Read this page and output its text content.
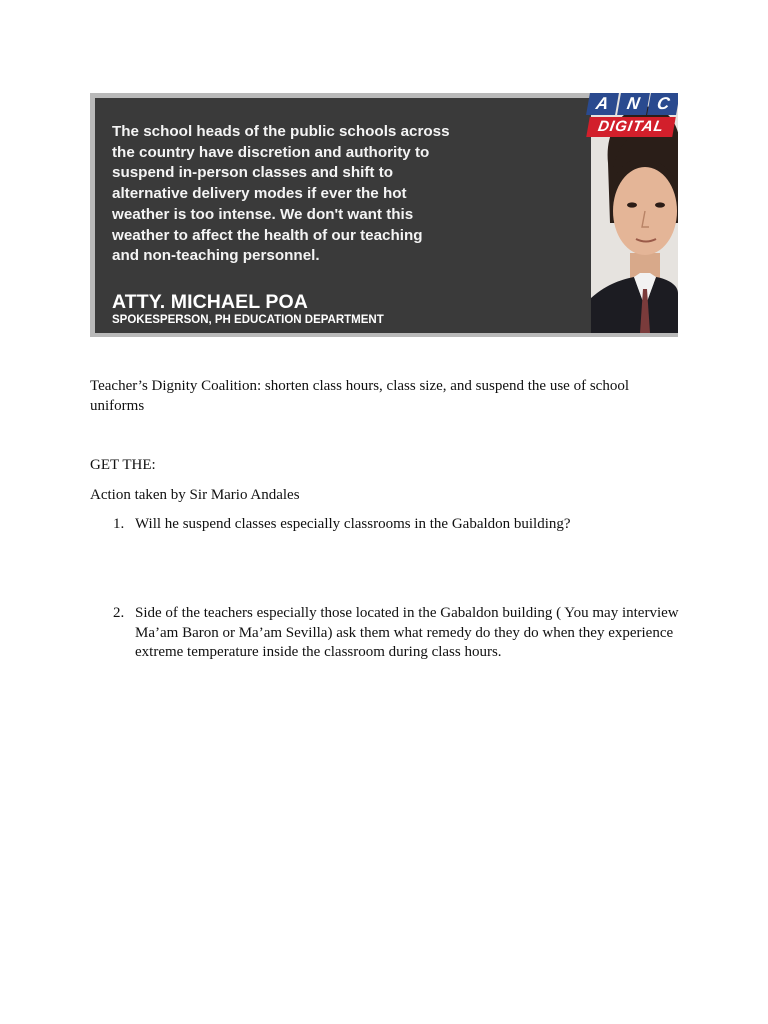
The school heads of the public schools across
the country have discretion and authority to
suspend in-person classes and shift to
alternative delivery modes if ever the hot
weather is too intense. We don't want this
weather to affect the health of our teaching
and non-teaching personnel.

ATTY. MICHAEL POA

SPOKESPERSON, PH EDUCATION DEPARTMENT

A N C
DIGITAL

Teacher’s Dignity Coalition: shorten class hours, class size, and suspend the use of school uniforms

GET THE:

Action taken by Sir Mario Andales

1. Will he suspend classes especially classrooms in the Gabaldon building?

2. Side of the teachers especially those located in the Gabaldon building ( You may interview Ma’am Baron or Ma’am Sevilla) ask them what remedy do they do when they experience extreme temperature inside the classroom during class hours.
